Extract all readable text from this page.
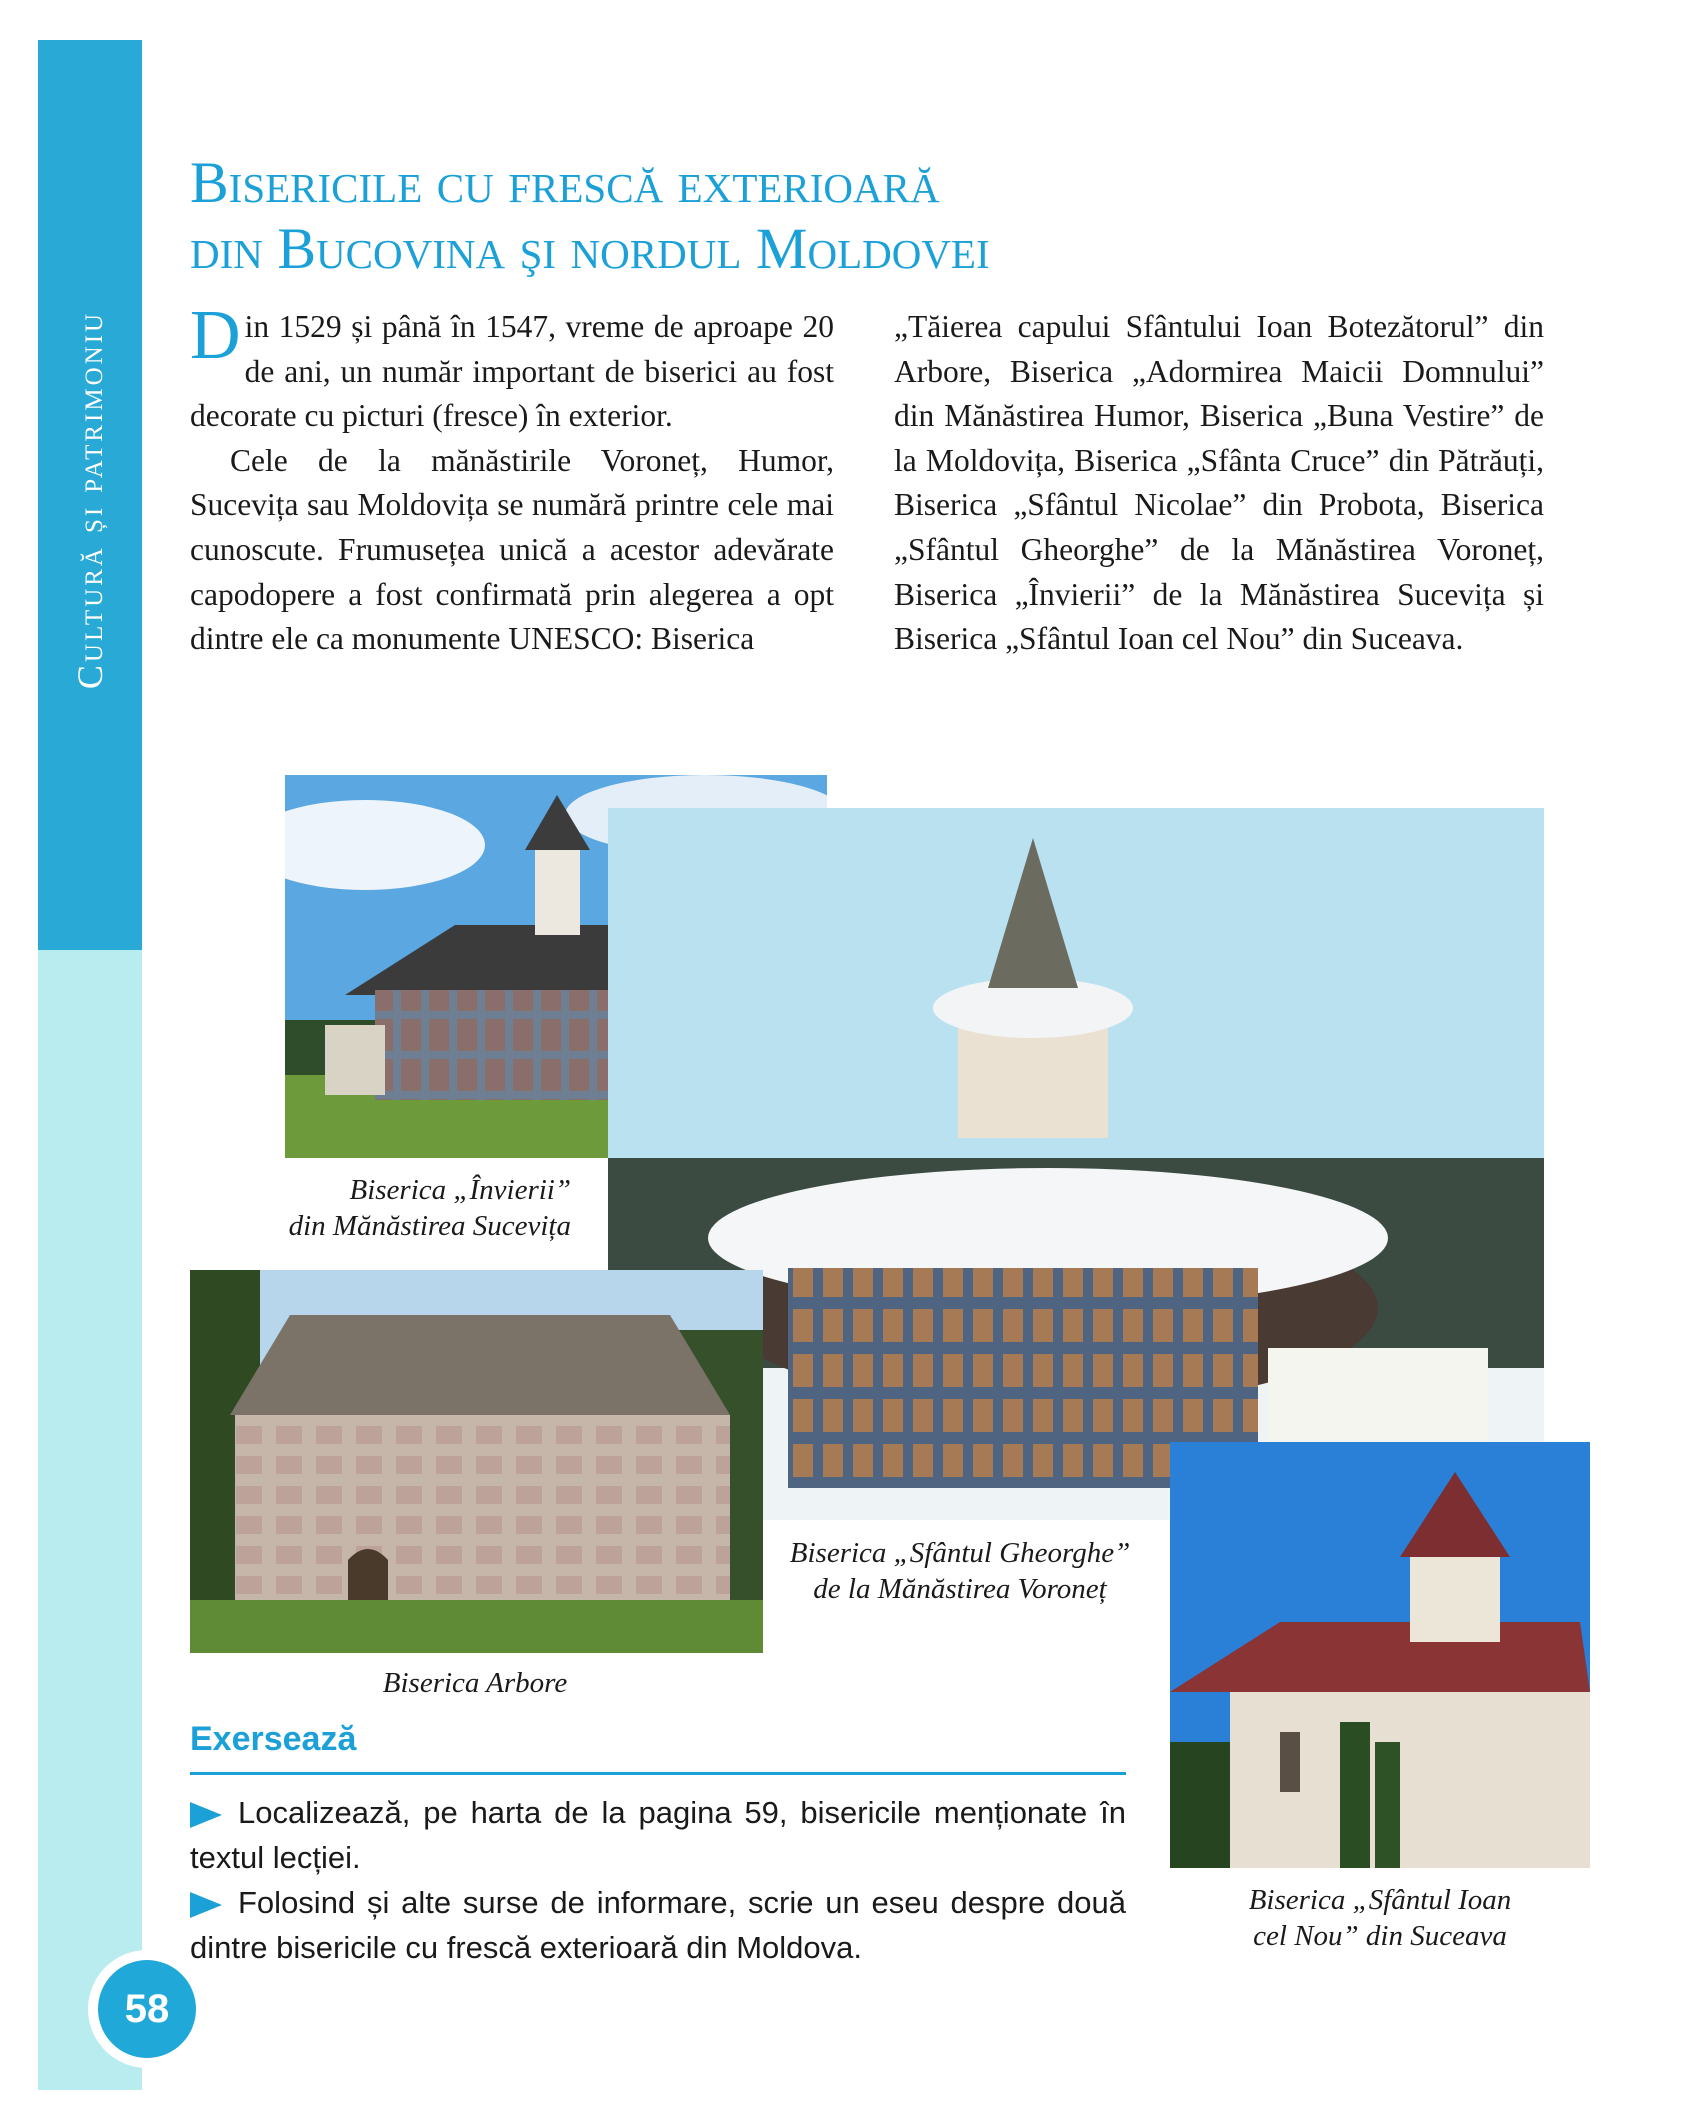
Cultură și patrimoniu
58
Bisericile cu frescă exterioară
din Bucovina şi nordul Moldovei

Din 1529 și până în 1547, vreme de aproape 20 de ani, un număr important de biserici au fost decorate cu picturi (fresce) în exterior.

Cele de la mănăstirile Voroneț, Humor, Sucevița sau Moldovița se numără printre cele mai cunoscute. Frumusețea unică a acestor adevărate capodopere a fost confirmată prin alegerea a opt dintre ele ca monumente UNESCO: Biserica

„Tăierea capului Sfântului Ioan Botezătorul” din Arbore, Biserica „Adormirea Maicii Domnului” din Mănăstirea Humor, Biserica „Buna Vestire” de la Moldovița, Biserica „Sfânta Cruce” din Pătrăuți, Biserica „Sfântul Nicolae” din Probota, Biserica „Sfântul Gheorghe” de la Mănăstirea Voroneț, Biserica „Învierii” de la Mănăstirea Sucevița și Biserica „Sfântul Ioan cel Nou” din Suceava.

Biserica „Învierii”
din Mănăstirea Sucevița
Biserica „Sfântul Gheorghe”
de la Mănăstirea Voroneț
Biserica Arbore
Biserica „Sfântul Ioan
cel Nou” din Suceava
Exersează
Localizează, pe harta de la pagina 59, bisericile menționate în textul lecției.
Folosind și alte surse de informare, scrie un eseu despre două dintre bisericile cu frescă exterioară din Moldova.
